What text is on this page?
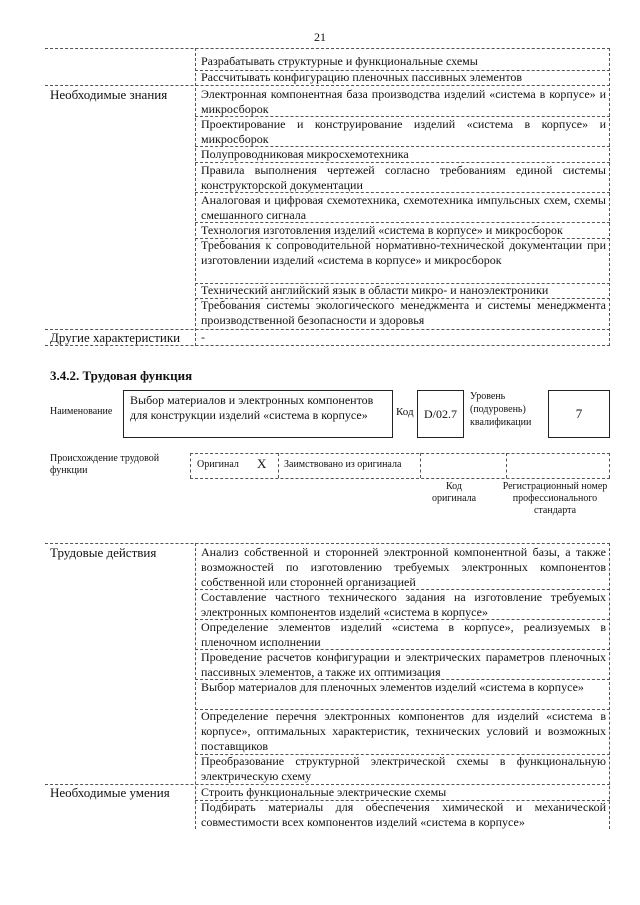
21
Разрабатывать структурные и функциональные схемы
Рассчитывать конфигурацию пленочных пассивных элементов
Необходимые знания	Электронная компонентная база производства изделий «система в корпусе» и микросборок
Проектирование и конструирование изделий «система в корпусе» и микросборок
Полупроводниковая микросхемотехника
Правила выполнения чертежей согласно требованиям единой системы конструкторской документации
Аналоговая и цифровая схемотехника, схемотехника импульсных схем, схемы смешанного сигнала
Технология изготовления изделий «система в корпусе» и микросборок
Требования к сопроводительной нормативно-технической документации при изготовлении изделий «система в корпусе» и микросборок
Технический английский язык в области микро- и наноэлектроники
Требования системы экологического менеджмента и системы менеджмента производственной безопасности и здоровья
Другие характеристики	-
3.4.2. Трудовая функция
Наименование
Выбор материалов и электронных компонентов для конструкции изделий «система в корпусе»	Код D/02.7
Уровень (подуровень) квалификации
7
Происхождение трудовой функции
Оригинал X Заимствовано из оригинала
Код оригинала
Регистрационный номер профессионального стандарта
Трудовые действия	Анализ собственной и сторонней электронной компонентной базы, а также возможностей по изготовлению требуемых электронных компонентов собственной или сторонней организацией
Составление частного технического задания на изготовление требуемых электронных компонентов изделий «система в корпусе»
Определение элементов изделий «система в корпусе», реализуемых в пленочном исполнении
Проведение расчетов конфигурации и электрических параметров пленочных пассивных элементов, а также их оптимизация
Выбор материалов для пленочных элементов изделий «система в корпусе»
Определение перечня электронных компонентов для изделий «система в корпусе», оптимальных характеристик, технических условий и возможных поставщиков
Преобразование структурной электрической схемы в функциональную электрическую схему
Необходимые умения	Строить функциональные электрические схемы
Подбирать материалы для обеспечения химической и механической совместимости всех компонентов изделий «система в корпусе»
